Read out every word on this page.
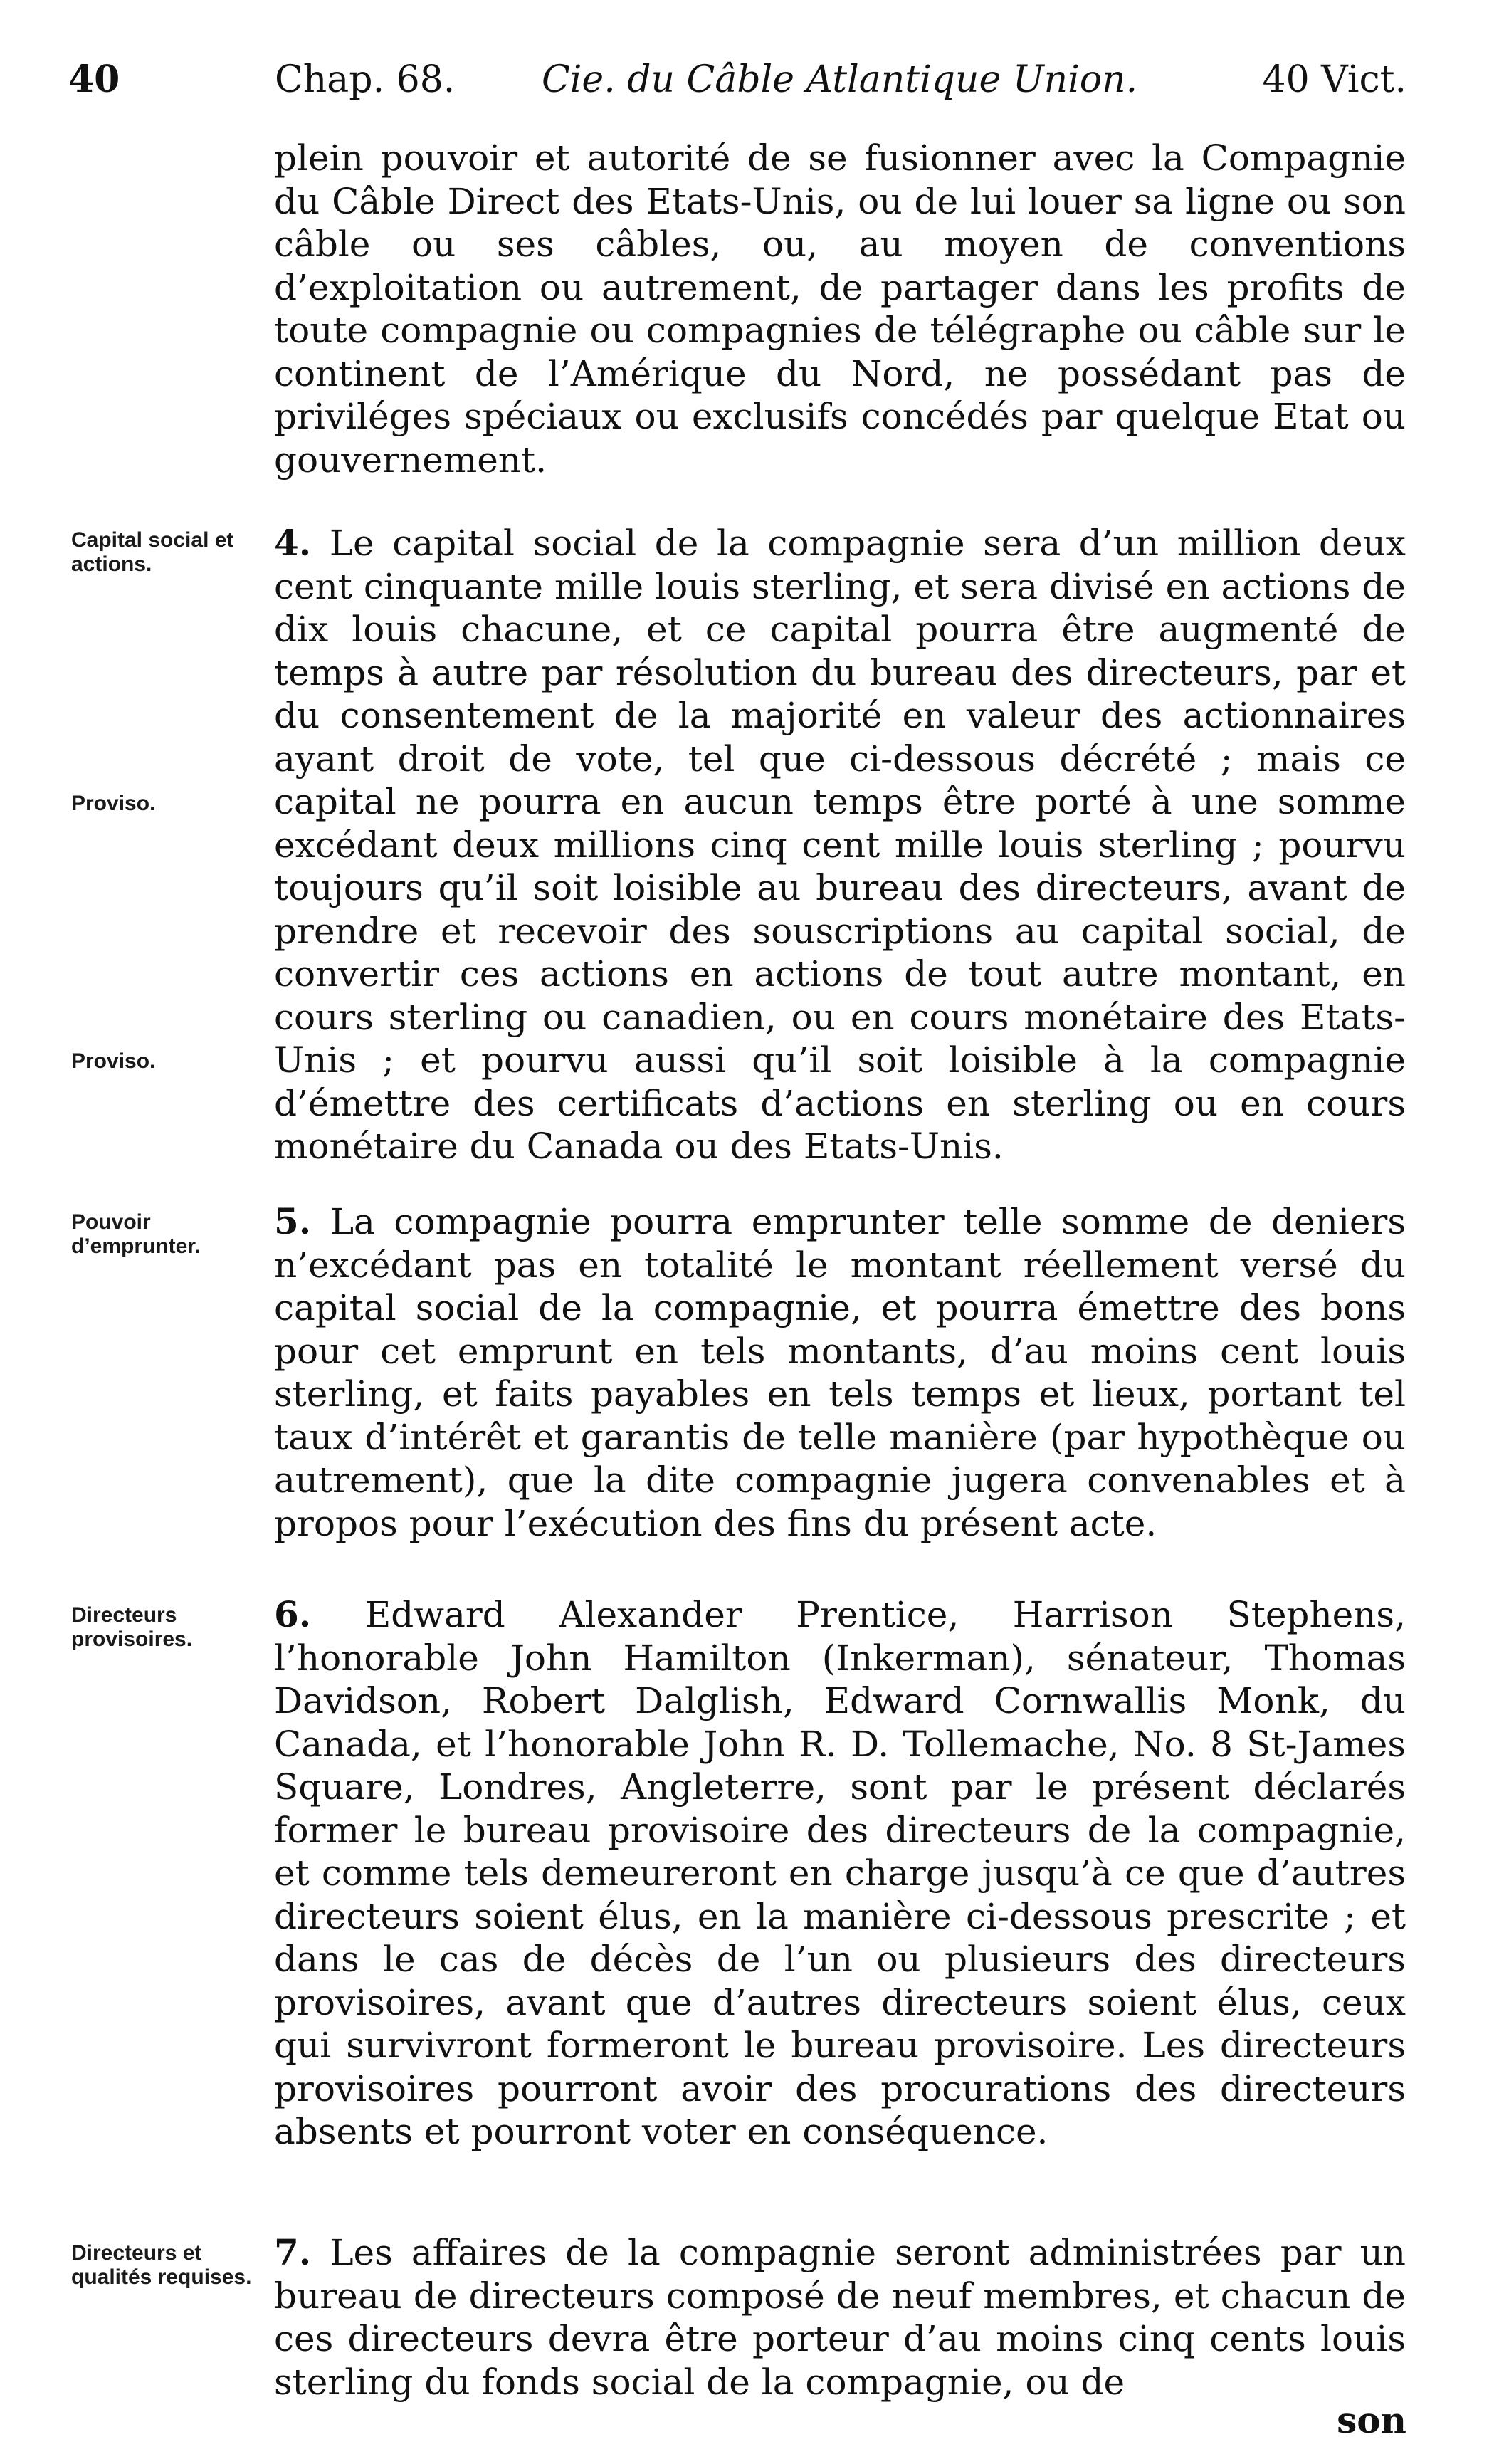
40	Chap. 68. Cie. du Câble Atlantique Union.	40 Vict.
plein pouvoir et autorité de se fusionner avec la Compagnie du Câble Direct des Etats-Unis, ou de lui louer sa ligne ou son câble ou ses câbles, ou, au moyen de conventions d’exploitation ou autrement, de partager dans les profits de toute compagnie ou compagnies de télégraphe ou câble sur le continent de l’Amérique du Nord, ne possédant pas de priviléges spéciaux ou exclusifs concédés par quelque Etat ou gouvernement.
Capital social et actions.
Proviso.
Proviso.
4. Le capital social de la compagnie sera d’un million deux cent cinquante mille louis sterling, et sera divisé en actions de dix louis chacune, et ce capital pourra être augmenté de temps à autre par résolution du bureau des directeurs, par et du consentement de la majorité en valeur des actionnaires ayant droit de vote, tel que ci-dessous décrété ; mais ce capital ne pourra en aucun temps être porté à une somme excédant deux millions cinq cent mille louis sterling ; pourvu toujours qu’il soit loisible au bureau des directeurs, avant de prendre et recevoir des souscriptions au capital social, de convertir ces actions en actions de tout autre montant, en cours sterling ou canadien, ou en cours monétaire des Etats-Unis ; et pourvu aussi qu’il soit loisible à la compagnie d’émettre des certificats d’actions en sterling ou en cours monétaire du Canada ou des Etats-Unis.
Pouvoir d’emprunter.
5. La compagnie pourra emprunter telle somme de deniers n’excédant pas en totalité le montant réellement versé du capital social de la compagnie, et pourra émettre des bons pour cet emprunt en tels montants, d’au moins cent louis sterling, et faits payables en tels temps et lieux, portant tel taux d’intérêt et garantis de telle manière (par hypothèque ou autrement), que la dite compagnie jugera convenables et à propos pour l’exécution des fins du présent acte.
Directeurs provisoires.
6. Edward Alexander Prentice, Harrison Stephens, l’honorable John Hamilton (Inkerman), sénateur, Thomas Davidson, Robert Dalglish, Edward Cornwallis Monk, du Canada, et l’honorable John R. D. Tollemache, No. 8 St-James Square, Londres, Angleterre, sont par le présent déclarés former le bureau provisoire des directeurs de la compagnie, et comme tels demeureront en charge jusqu’à ce que d’autres directeurs soient élus, en la manière ci-dessous prescrite ; et dans le cas de décès de l’un ou plusieurs des directeurs provisoires, avant que d’autres directeurs soient élus, ceux qui survivront formeront le bureau provisoire. Les directeurs provisoires pourront avoir des procurations des directeurs absents et pourront voter en conséquence.
Directeurs et qualités requises.
7. Les affaires de la compagnie seront administrées par un bureau de directeurs composé de neuf membres, et chacun de ces directeurs devra être porteur d’au moins cinq cents louis sterling du fonds social de la compagnie, ou de
son
